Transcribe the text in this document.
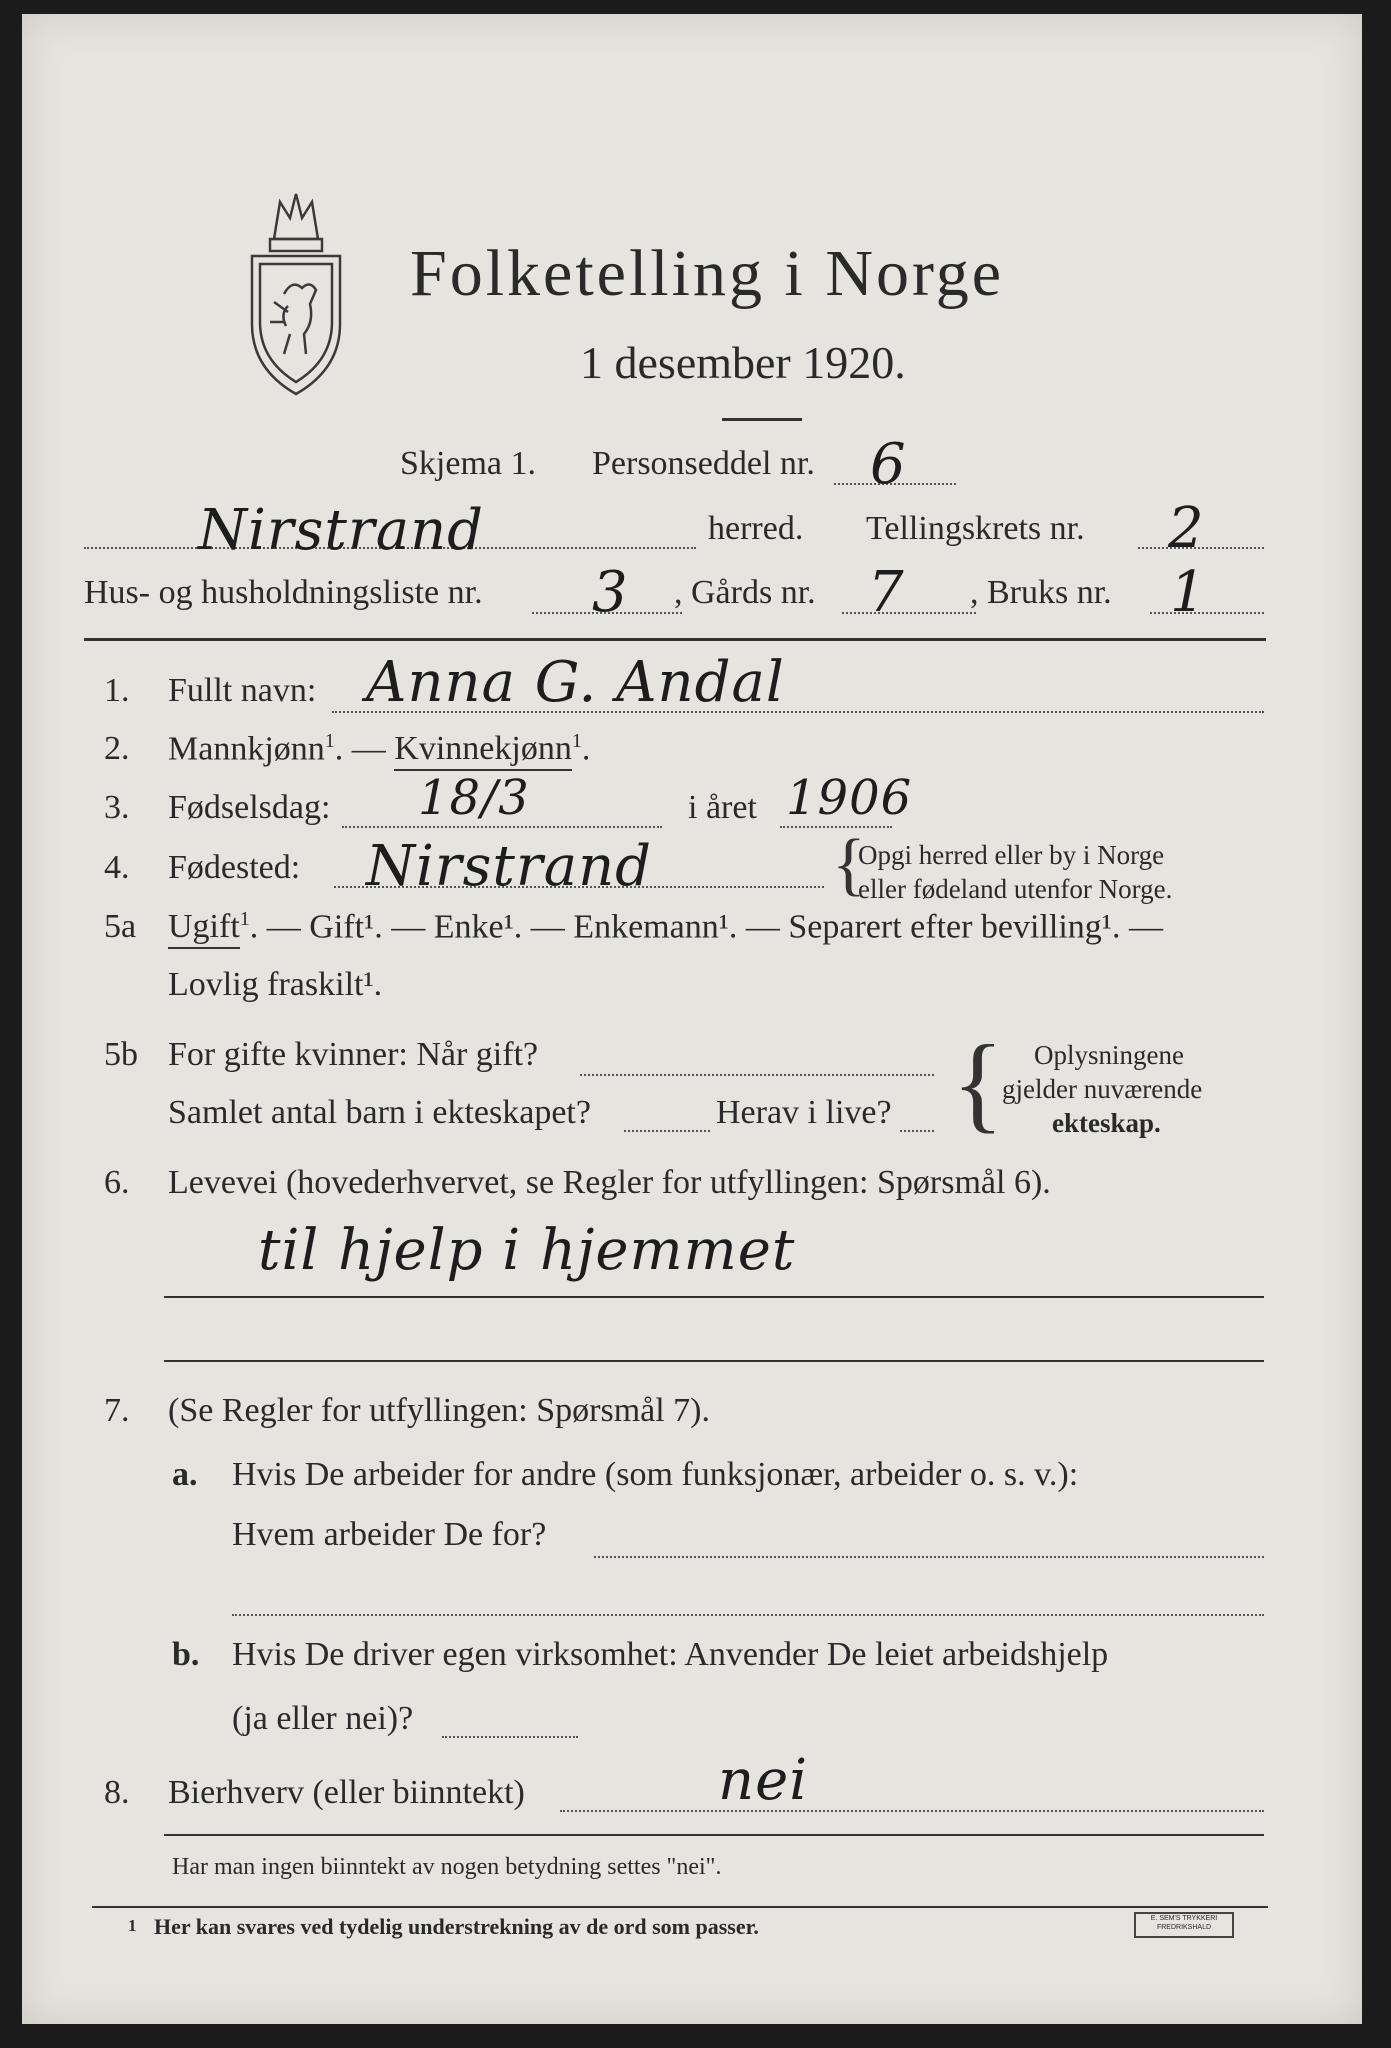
Folketelling i Norge
1 desember 1920.
Skjema 1. Personseddel nr. 6
Nirstrand	herred. Tellingskrets nr. 2
Hus- og husholdningsliste nr. 3 , Gårds nr. 7 , Bruks nr. 1
1. Fullt navn: Anna G. Andal
2. Mannkjønn$^1$. — Kvinnekjønn$^1$.
3. Fødselsdag: 18/3	i året 1906
4. Fødested: Nirstrand	{
Opgi herred eller by i Norge
eller fødeland utenfor Norge.
5a Ugift$^1$. — Gift¹. — Enke¹. — Enkemann¹. — Separert efter bevilling¹. —
Lovlig fraskilt¹.
5b For gifte kvinner: Når gift?
Samlet antal barn i ekteskapet?	Herav i live? { Oplysningene
gjelder nuværende
ekteskap.
6. Levevei (hovederhvervet, se Regler for utfyllingen: Spørsmål 6).
til hjelp i hjemmet
7. (Se Regler for utfyllingen: Spørsmål 7).
a. Hvis De arbeider for andre (som funksjonær, arbeider o. s. v.):
Hvem arbeider De for?
b. Hvis De driver egen virksomhet: Anvender De leiet arbeidshjelp
(ja eller nei)?
8. Bierhverv (eller biinntekt)	nei
Har man ingen biinntekt av nogen betydning settes "nei".
1 Her kan svares ved tydelig understrekning av de ord som passer.	E. SEM'S TRYKKERI FREDRIKSHALD
